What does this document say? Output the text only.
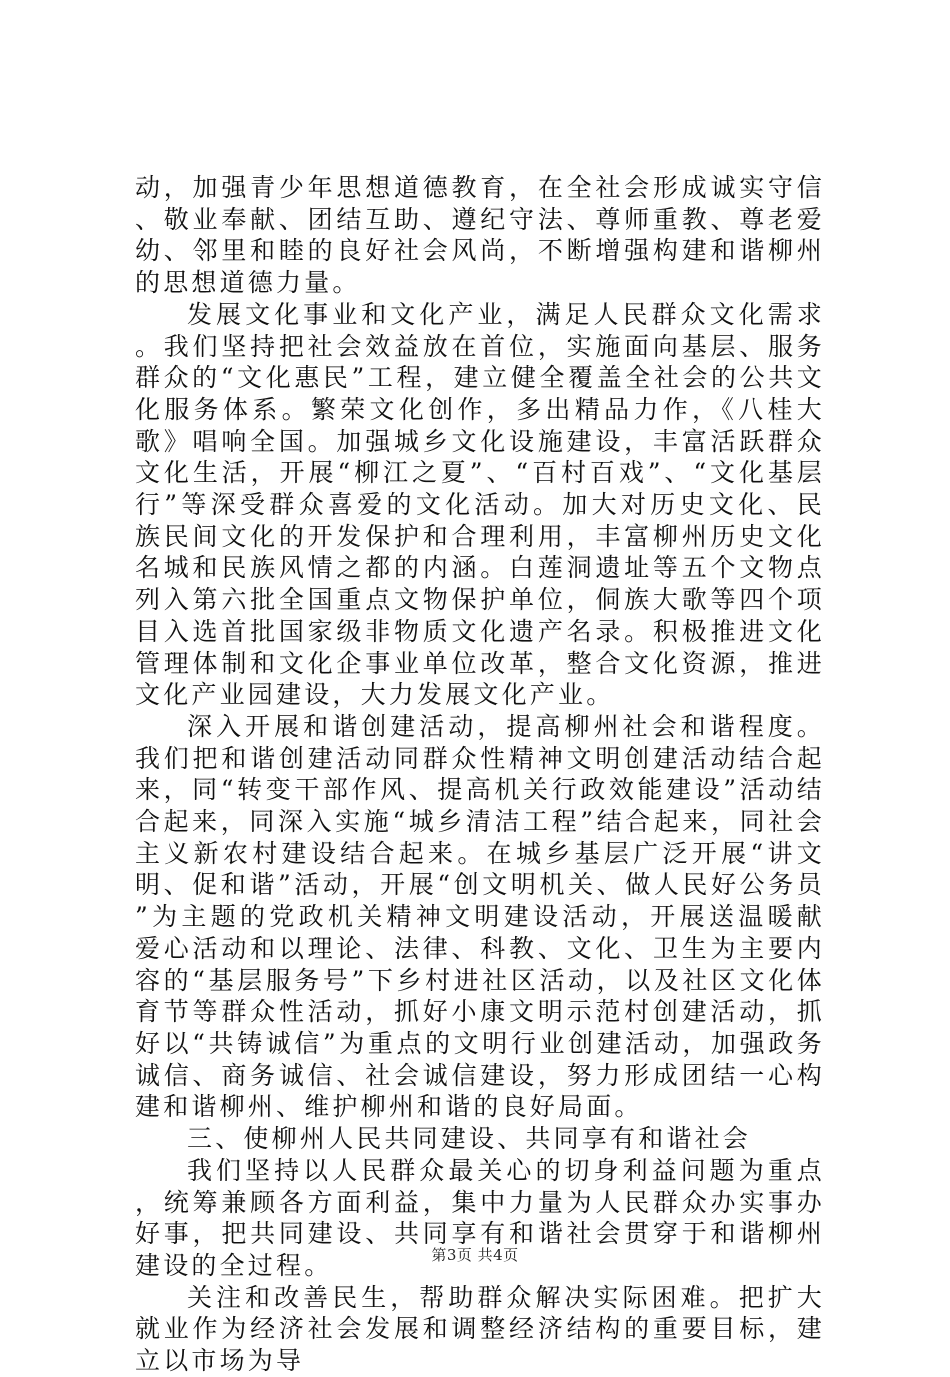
动，加强青少年思想道德教育，在全社会形成诚实守信、敬业奉献、团结互助、遵纪守法、尊师重教、尊老爱幼、邻里和睦的良好社会风尚，不断增强构建和谐柳州的思想道德力量。

发展文化事业和文化产业，满足人民群众文化需求。我们坚持把社会效益放在首位，实施面向基层、服务群众的“文化惠民”工程，建立健全覆盖全社会的公共文化服务体系。繁荣文化创作，多出精品力作，《八桂大歌》唱响全国。加强城乡文化设施建设，丰富活跃群众文化生活，开展“柳江之夏”、“百村百戏”、“文化基层行”等深受群众喜爱的文化活动。加大对历史文化、民族民间文化的开发保护和合理利用，丰富柳州历史文化名城和民族风情之都的内涵。白莲洞遗址等五个文物点列入第六批全国重点文物保护单位，侗族大歌等四个项目入选首批国家级非物质文化遗产名录。积极推进文化管理体制和文化企事业单位改革，整合文化资源，推进文化产业园建设，大力发展文化产业。

深入开展和谐创建活动，提高柳州社会和谐程度。我们把和谐创建活动同群众性精神文明创建活动结合起来，同“转变干部作风、提高机关行政效能建设”活动结合起来，同深入实施“城乡清洁工程”结合起来，同社会主义新农村建设结合起来。在城乡基层广泛开展“讲文明、促和谐”活动，开展“创文明机关、做人民好公务员”为主题的党政机关精神文明建设活动，开展送温暖献爱心活动和以理论、法律、科教、文化、卫生为主要内容的“基层服务号”下乡村进社区活动，以及社区文化体育节等群众性活动，抓好小康文明示范村创建活动，抓好以“共铸诚信”为重点的文明行业创建活动，加强政务诚信、商务诚信、社会诚信建设，努力形成团结一心构建和谐柳州、维护柳州和谐的良好局面。

三、使柳州人民共同建设、共同享有和谐社会

我们坚持以人民群众最关心的切身利益问题为重点，统筹兼顾各方面利益，集中力量为人民群众办实事办好事，把共同建设、共同享有和谐社会贯穿于和谐柳州建设的全过程。

关注和改善民生，帮助群众解决实际困难。把扩大就业作为经济社会发展和调整经济结构的重要目标，建立以市场为导

第3页 共4页
